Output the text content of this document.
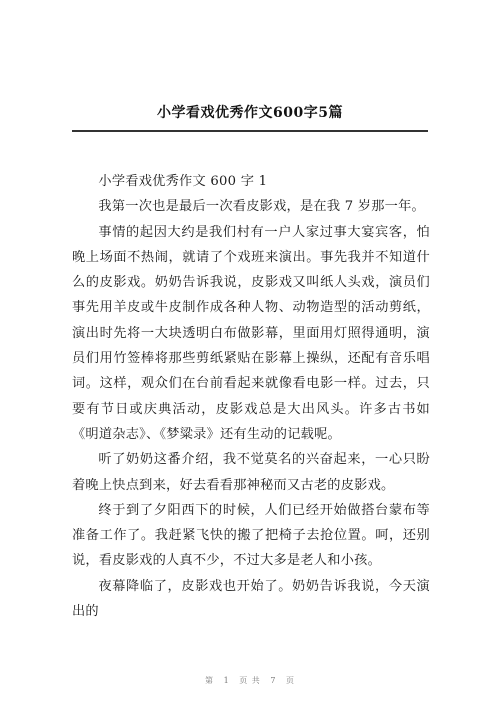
小学看戏优秀作文600字5篇

小学看戏优秀作文 600 字 1

我第一次也是最后一次看皮影戏，是在我 7 岁那一年。

事情的起因大约是我们村有一户人家过事大宴宾客，怕晚上场面不热闹，就请了个戏班来演出。事先我并不知道什么的皮影戏。奶奶告诉我说，皮影戏又叫纸人头戏，演员们事先用羊皮或牛皮制作成各种人物、动物造型的活动剪纸，演出时先将一大块透明白布做影幕，里面用灯照得通明，演员们用竹签棒将那些剪纸紧贴在影幕上操纵，还配有音乐唱词。这样，观众们在台前看起来就像看电影一样。过去，只要有节日或庆典活动，皮影戏总是大出风头。许多古书如《明道杂志》、《梦粱录》还有生动的记载呢。

听了奶奶这番介绍，我不觉莫名的兴奋起来，一心只盼着晚上快点到来，好去看看那神秘而又古老的皮影戏。

终于到了夕阳西下的时候，人们已经开始做搭台蒙布等准备工作了。我赶紧飞快的搬了把椅子去抢位置。呵，还别说，看皮影戏的人真不少，不过大多是老人和小孩。

夜幕降临了，皮影戏也开始了。奶奶告诉我说，今天演出的

第 1 页 共 7 页
